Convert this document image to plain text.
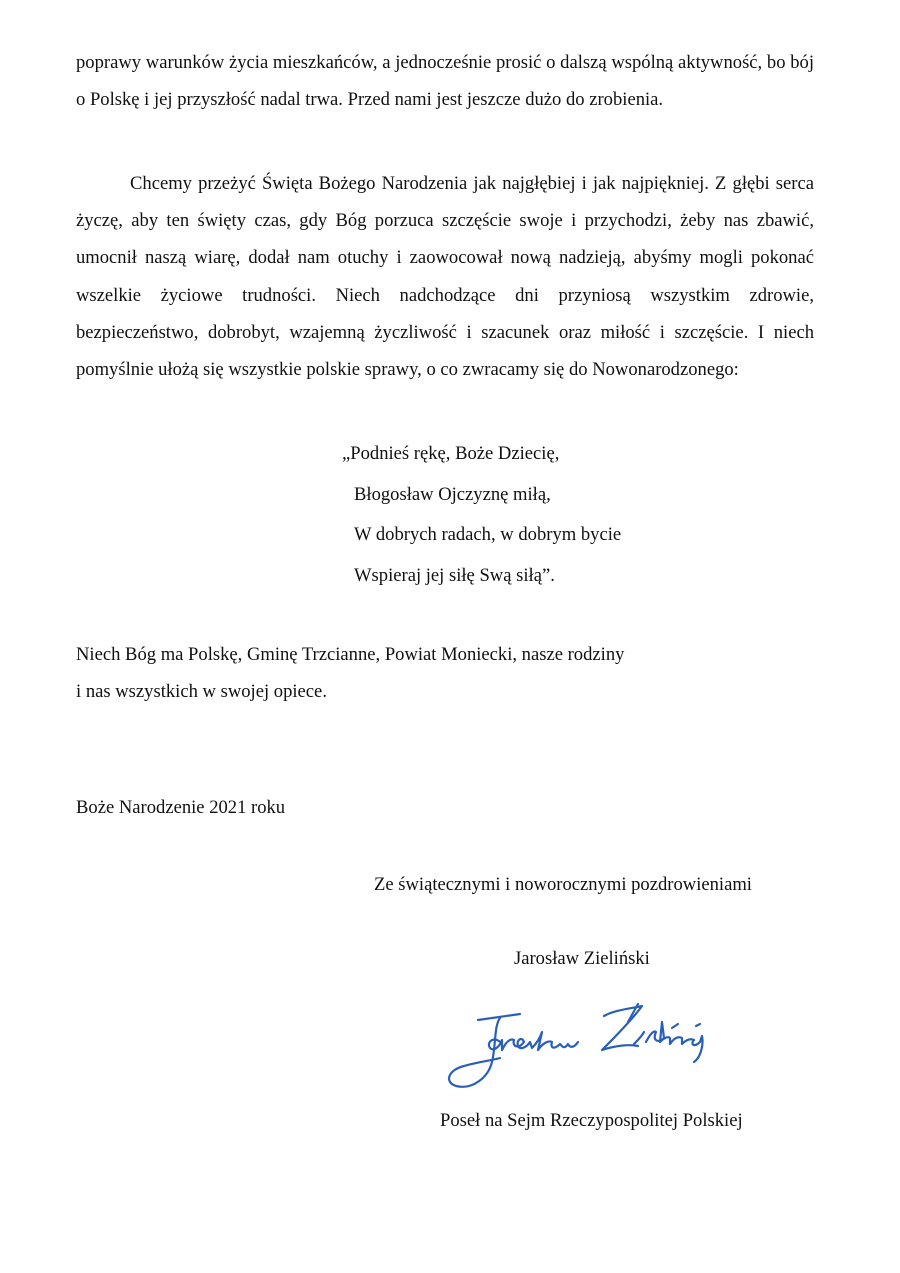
poprawy warunków życia mieszkańców, a jednocześnie prosić o dalszą wspólną aktywność, bo bój o Polskę i jej przyszłość nadal trwa. Przed nami jest jeszcze dużo do zrobienia.

Chcemy przeżyć Święta Bożego Narodzenia jak najgłębiej i jak najpiękniej. Z głębi serca życzę, aby ten święty czas, gdy Bóg porzuca szczęście swoje i przychodzi, żeby nas zbawić, umocnił naszą wiarę, dodał nam otuchy i zaowocował nową nadzieją, abyśmy mogli pokonać wszelkie życiowe trudności. Niech nadchodzące dni przyniosą wszystkim zdrowie, bezpieczeństwo, dobrobyt, wzajemną życzliwość i szacunek oraz miłość i szczęście. I niech pomyślnie ułożą się wszystkie polskie sprawy, o co zwracamy się do Nowonarodzonego:

„Podnieś rękę, Boże Dziecię,
Błogosław Ojczyznę miłą,
W dobrych radach, w dobrym bycie
Wspieraj jej siłę Swą siłą”.
Niech Bóg ma Polskę, Gminę Trzcianne, Powiat Moniecki, nasze rodziny
i nas wszystkich w swojej opiece.
Boże Narodzenie 2021 roku
Ze świątecznymi i noworocznymi pozdrowieniami
Jarosław Zieliński
Poseł na Sejm Rzeczypospolitej Polskiej
